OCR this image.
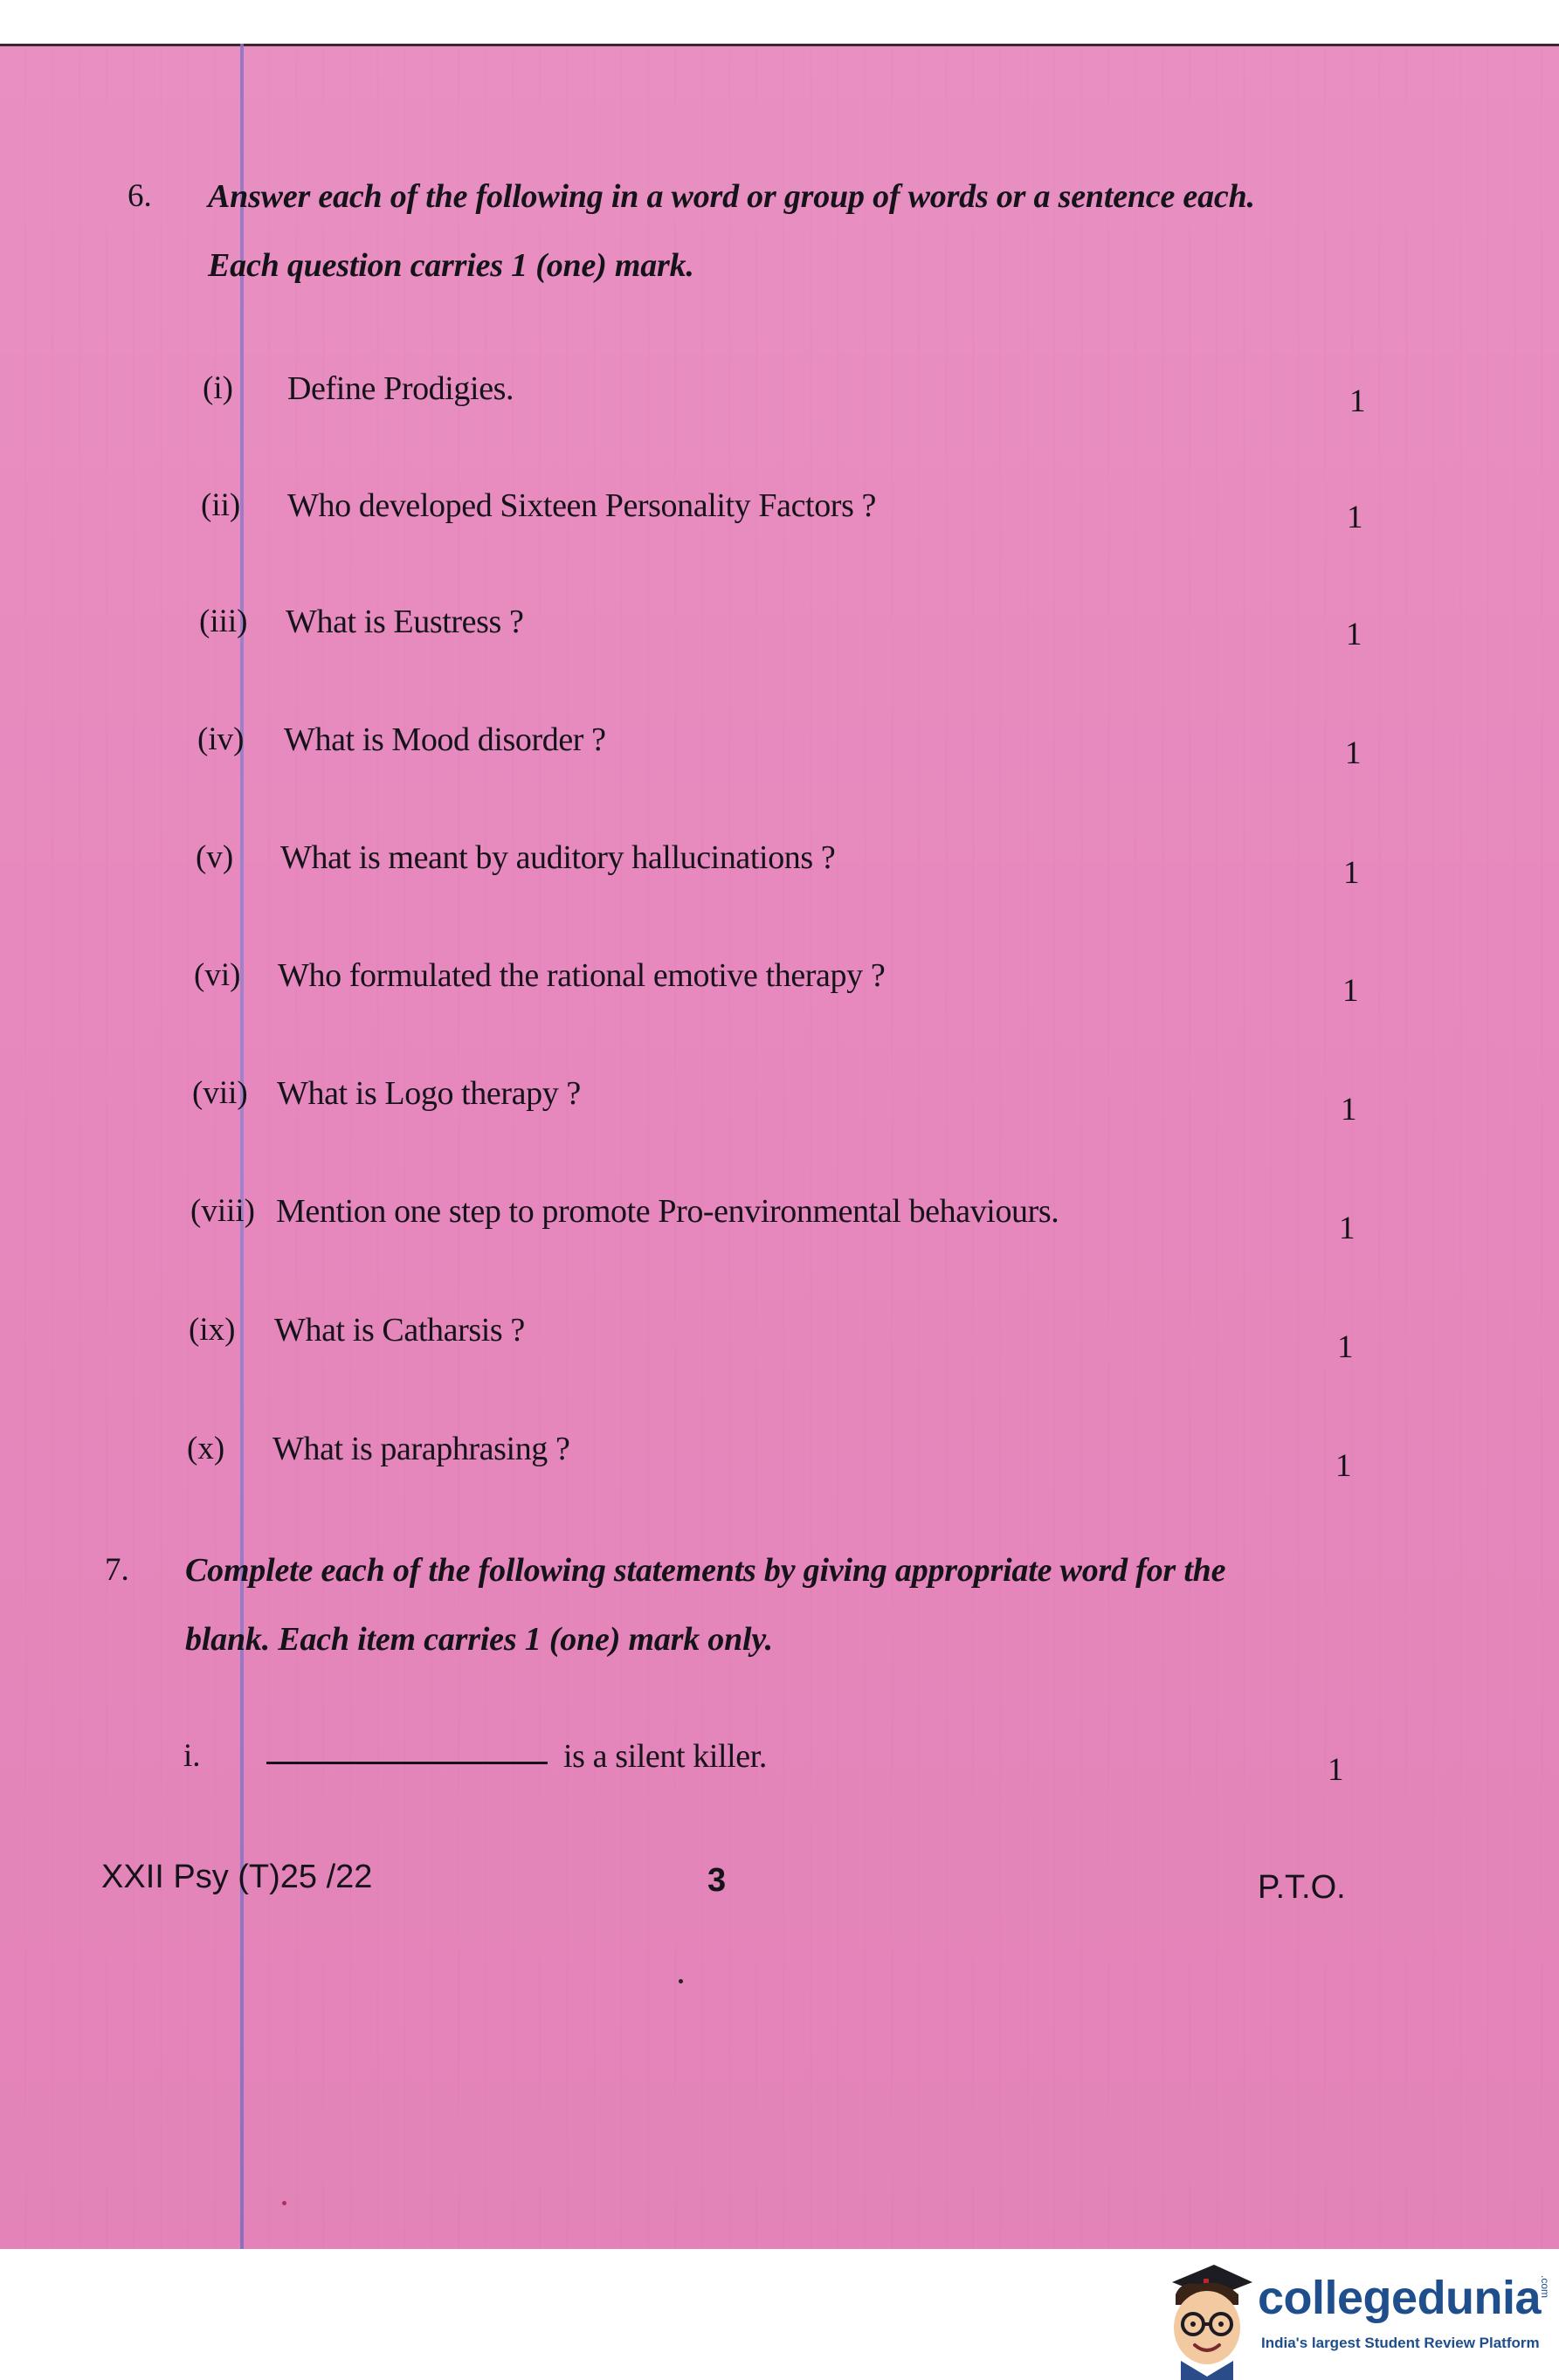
6. Answer each of the following in a word or group of words or a sentence each.
Each question carries 1 (one) mark.
(i) Define Prodigies.	1
(ii) Who developed Sixteen Personality Factors ?	1
(iii) What is Eustress ?	1
(iv) What is Mood disorder ?	1
(v) What is meant by auditory hallucinations ?	1
(vi) Who formulated the rational emotive therapy ?	1
(vii) What is Logo therapy ?	1
(viii) Mention one step to promote Pro-environmental behaviours.	1
(ix) What is Catharsis ?	1
(x) What is paraphrasing ?	1
7. Complete each of the following statements by giving appropriate word for the
blank. Each item carries 1 (one) mark only.
i.	is a silent killer.	1
XXII Psy (T)25 /22	3	P.T.O.
collegedunia
.com
India's largest Student Review Platform
